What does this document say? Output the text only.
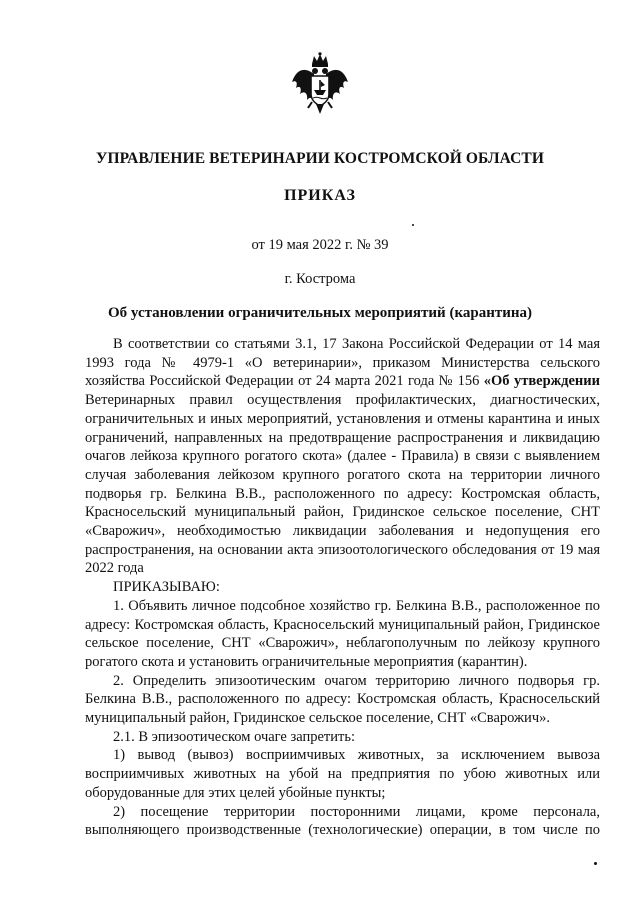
УПРАВЛЕНИЕ ВЕТЕРИНАРИИ КОСТРОМСКОЙ ОБЛАСТИ
ПРИКАЗ
от 19 мая 2022 г. № 39
г. Кострома
Об установлении ограничительных мероприятий (карантина)

В соответствии со статьями 3.1, 17 Закона Российской Федерации от 14 мая 1993 года № 4979-1 «О ветеринарии», приказом Министерства сельского хозяйства Российской Федерации от 24 марта 2021 года № 156 «Об утверждении Ветеринарных правил осуществления профилактических, диагностических, ограничительных и иных мероприятий, установления и отмены карантина и иных ограничений, направленных на предотвращение распространения и ликвидацию очагов лейкоза крупного рогатого скота» (далее - Правила) в связи с выявлением случая заболевания лейкозом крупного рогатого скота на территории личного подворья гр. Белкина В.В., расположенного по адресу: Костромская область, Красносельский муниципальный район, Гридинское сельское поселение, СНТ «Сварожич», необходимостью ликвидации заболевания и недопущения его распространения, на основании акта эпизоотологического обследования от 19 мая 2022 года

ПРИКАЗЫВАЮ:

1. Объявить личное подсобное хозяйство гр. Белкина В.В., расположенное по адресу: Костромская область, Красносельский муниципальный район, Гридинское сельское поселение, СНТ «Сварожич», неблагополучным по лейкозу крупного рогатого скота и установить ограничительные мероприятия (карантин).

2. Определить эпизоотическим очагом территорию личного подворья гр. Белкина В.В., расположенного по адресу: Костромская область, Красносельский муниципальный район, Гридинское сельское поселение, СНТ «Сварожич».

2.1. В эпизоотическом очаге запретить:

1) вывод (вывоз) восприимчивых животных, за исключением вывоза восприимчивых животных на убой на предприятия по убою животных или оборудованные для этих целей убойные пункты;

2) посещение территории посторонними лицами, кроме персонала, выполняющего производственные (технологические) операции, в том числе по
